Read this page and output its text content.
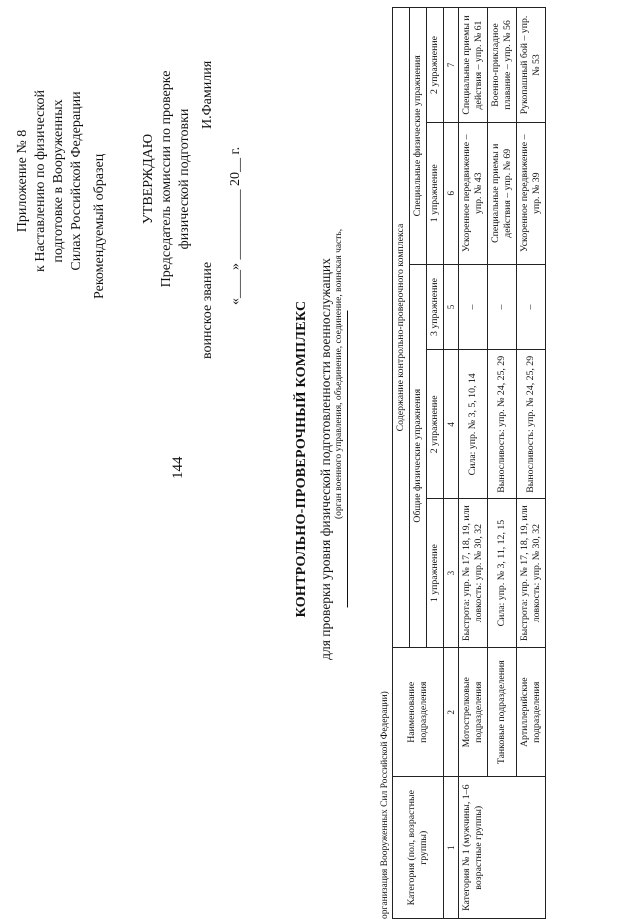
144
Приложение № 8 к Наставлению по физической подготовке в Вооруженных Силах Российской Федерации Рекомендуемый образец УТВЕРЖДАЮ Председатель комиссии по проверке физической подготовки
воинское звание
И.Фамилия
«____» __________ 20__ г.
КОНТРОЛЬНО-ПРОВЕРОЧНЫЙ КОМПЛЕКС для проверки уровня физической подготовленности военнослужащих (орган военного управления, объединение, соединение, воинская часть,
организация Вооруженных Сил Российской Федерации) Категория (пол, возрастные группы)	Наименование подразделения	Содержание контрольно-проверочного комплекса				
		Общие физические упражнения			Специальные физические упражнения	
		1 упражнение	2 упражнение	3 упражнение	1 упражнение	2 упражнение
1	2	3	4	5	6	7
Категория № 1 (мужчины, 1–6 возрастные группы)	Мотострелковые подразделения	Быстрота: упр. № 17, 18, 19, или ловкость: упр. № 30, 32	Сила: упр. № 3, 5, 10, 14	–	Ускоренное передвижение – упр. № 43	Специальные приемы и действия – упр. № 61
	Танковые подразделения	Сила: упр. № 3, 11, 12, 15	Выносливость: упр. № 24, 25, 29	–	Специальные приемы и действия – упр. № 69	Военно-прикладное плавание – упр. № 56
	Артиллерийские подразделения	Быстрота: упр. № 17, 18, 19, или ловкость: упр. № 30, 32	Выносливость: упр. № 24, 25, 29	–	Ускоренное передвижение – упр. № 39	Рукопашный бой – упр. № 53
